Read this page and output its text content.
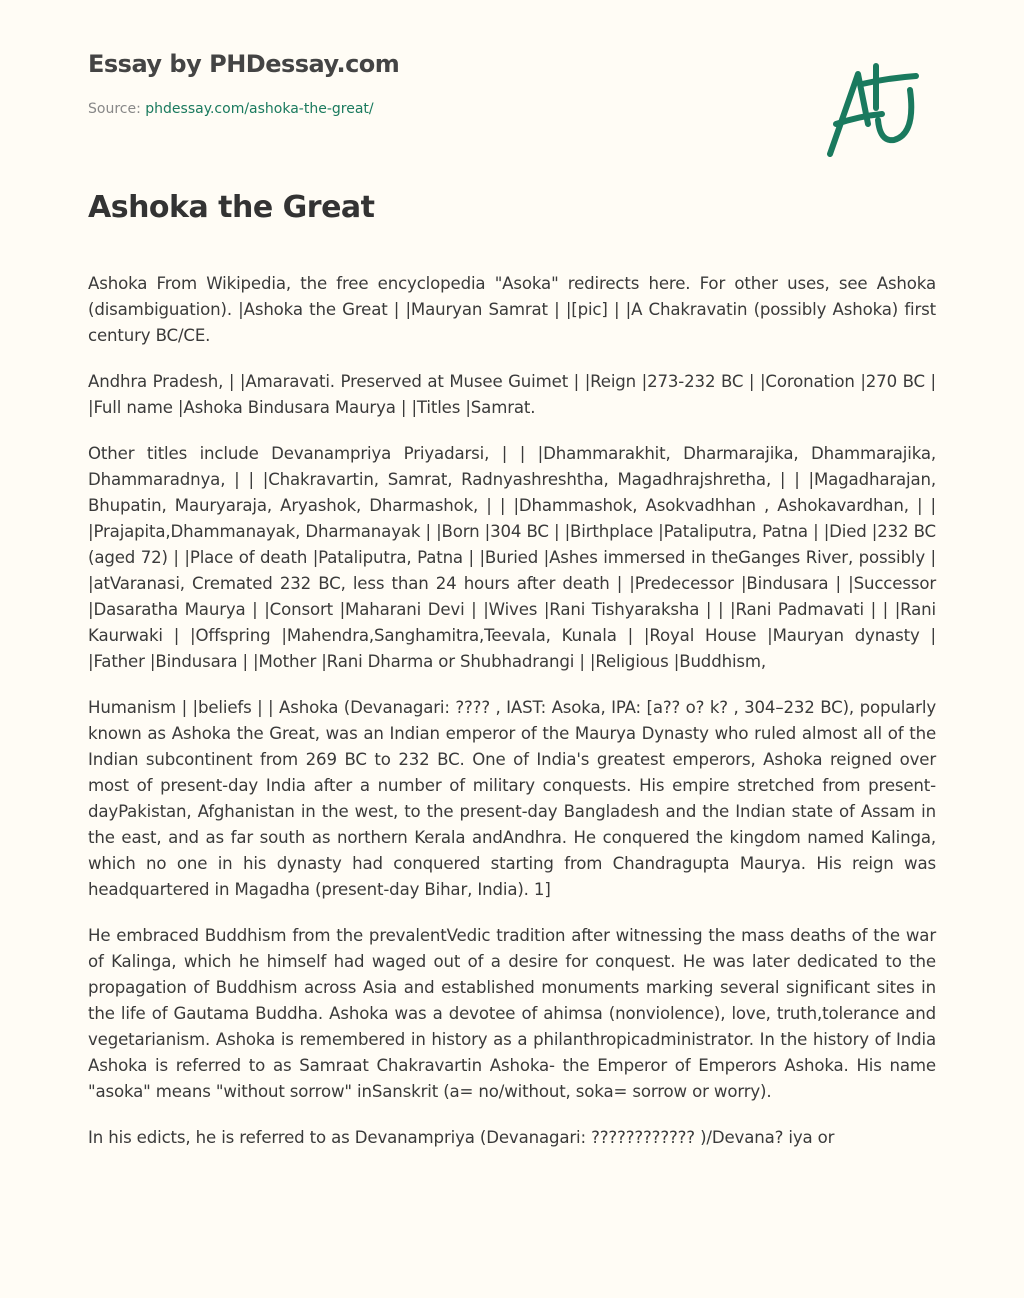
Essay by PHDessay.com
Source: phdessay.com/ashoka-the-great/
Ashoka the Great

Ashoka From Wikipedia, the free encyclopedia "Asoka" redirects here. For other uses, see Ashoka (disambiguation). |Ashoka the Great | |Mauryan Samrat | |[pic] | |A Chakravatin (possibly Ashoka) first century BC/CE.

Andhra Pradesh, | |Amaravati. Preserved at Musee Guimet | |Reign |273-232 BC | |Coronation |270 BC | |Full name |Ashoka Bindusara Maurya | |Titles |Samrat.

Other titles include Devanampriya Priyadarsi, | | |Dhammarakhit, Dharmarajika, Dhammarajika, Dhammaradnya, | | |Chakravartin, Samrat, Radnyashreshtha, Magadhrajshretha, | | |Magadharajan, Bhupatin, Mauryaraja, Aryashok, Dharmashok, | | |Dhammashok, Asokvadhhan , Ashokavardhan, | | |Prajapita,Dhammanayak, Dharmanayak | |Born |304 BC | |Birthplace |Pataliputra, Patna | |Died |232 BC (aged 72) | |Place of death |Pataliputra, Patna | |Buried |Ashes immersed in theGanges River, possibly | |atVaranasi, Cremated 232 BC, less than 24 hours after death | |Predecessor |Bindusara | |Successor |Dasaratha Maurya | |Consort |Maharani Devi | |Wives |Rani Tishyaraksha | | |Rani Padmavati | | |Rani Kaurwaki | |Offspring |Mahendra,Sanghamitra,Teevala, Kunala | |Royal House |Mauryan dynasty | |Father |Bindusara | |Mother |Rani Dharma or Shubhadrangi | |Religious |Buddhism,

Humanism | |beliefs | | Ashoka (Devanagari: ???? , IAST: Asoka, IPA: [a?? o? k? , 304–232 BC), popularly known as Ashoka the Great, was an Indian emperor of the Maurya Dynasty who ruled almost all of the Indian subcontinent from 269 BC to 232 BC. One of India's greatest emperors, Ashoka reigned over most of present-day India after a number of military conquests. His empire stretched from present-dayPakistan, Afghanistan in the west, to the present-day Bangladesh and the Indian state of Assam in the east, and as far south as northern Kerala andAndhra. He conquered the kingdom named Kalinga, which no one in his dynasty had conquered starting from Chandragupta Maurya. His reign was headquartered in Magadha (present-day Bihar, India). 1]

He embraced Buddhism from the prevalentVedic tradition after witnessing the mass deaths of the war of Kalinga, which he himself had waged out of a desire for conquest. He was later dedicated to the propagation of Buddhism across Asia and established monuments marking several significant sites in the life of Gautama Buddha. Ashoka was a devotee of ahimsa (nonviolence), love, truth,tolerance and vegetarianism. Ashoka is remembered in history as a philanthropicadministrator. In the history of India Ashoka is referred to as Samraat Chakravartin Ashoka- the Emperor of Emperors Ashoka. His name "asoka" means "without sorrow" inSanskrit (a= no/without, soka= sorrow or worry).

In his edicts, he is referred to as Devanampriya (Devanagari: ???????????? )/Devana? iya or
